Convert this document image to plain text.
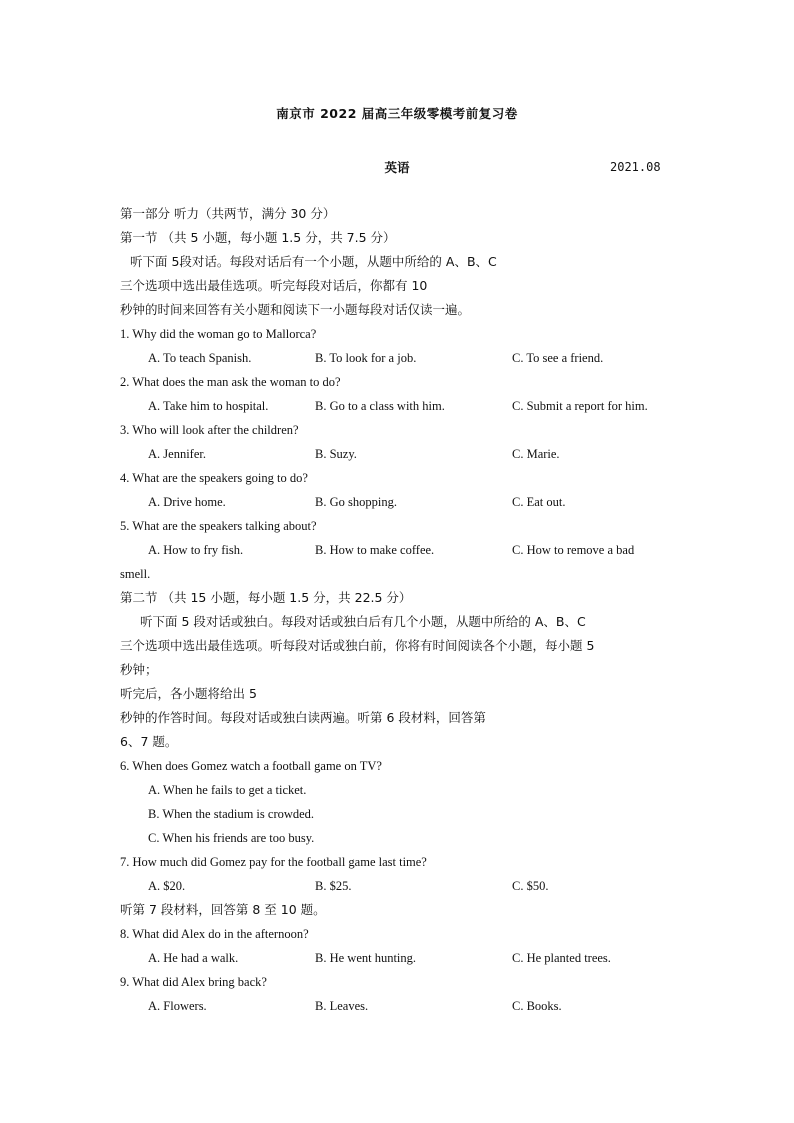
南京市 2022 届高三年级零模考前复习卷
英语	2021.08
第一部分 听力（共两节，满分 30 分）
第一节 （共 5 小题，每小题 1.5 分，共 7.5 分）
听下面 5段对话。每段对话后有一个小题，从题中所给的 A、B、C
三个选项中选出最佳选项。听完每段对话后，你都有 10
秒钟的时间来回答有关小题和阅读下一小题每段对话仅读一遍。
1. Why did the woman go to Mallorca?
A. To teach Spanish.	B. To look for a job.	C. To see a friend.
2. What does the man ask the woman to do?
A. Take him to hospital.	B. Go to a class with him.	C. Submit a report for him.
3. Who will look after the children?
A. Jennifer.	B. Suzy.	C. Marie.
4. What are the speakers going to do?
A. Drive home.	B. Go shopping.	C. Eat out.
5. What are the speakers talking about?
A. How to fry fish.	B. How to make coffee.	C. How to remove a bad
smell.
第二节 （共 15 小题，每小题 1.5 分，共 22.5 分）
听下面 5 段对话或独白。每段对话或独白后有几个小题，从题中所给的 A、B、C
三个选项中选出最佳选项。听每段对话或独白前，你将有时间阅读各个小题，每小题 5
秒钟；
听完后，各小题将给出 5
秒钟的作答时间。每段对话或独白读两遍。听第 6 段材料，回答第
6、7 题。
6. When does Gomez watch a football game on TV?
A. When he fails to get a ticket.
B. When the stadium is crowded.
C. When his friends are too busy.
7. How much did Gomez pay for the football game last time?
A. $20.	B. $25.	C. $50.
听第 7 段材料，回答第 8 至 10 题。
8. What did Alex do in the afternoon?
A. He had a walk.	B. He went hunting.	C. He planted trees.
9. What did Alex bring back?
A. Flowers.	B. Leaves.	C. Books.
